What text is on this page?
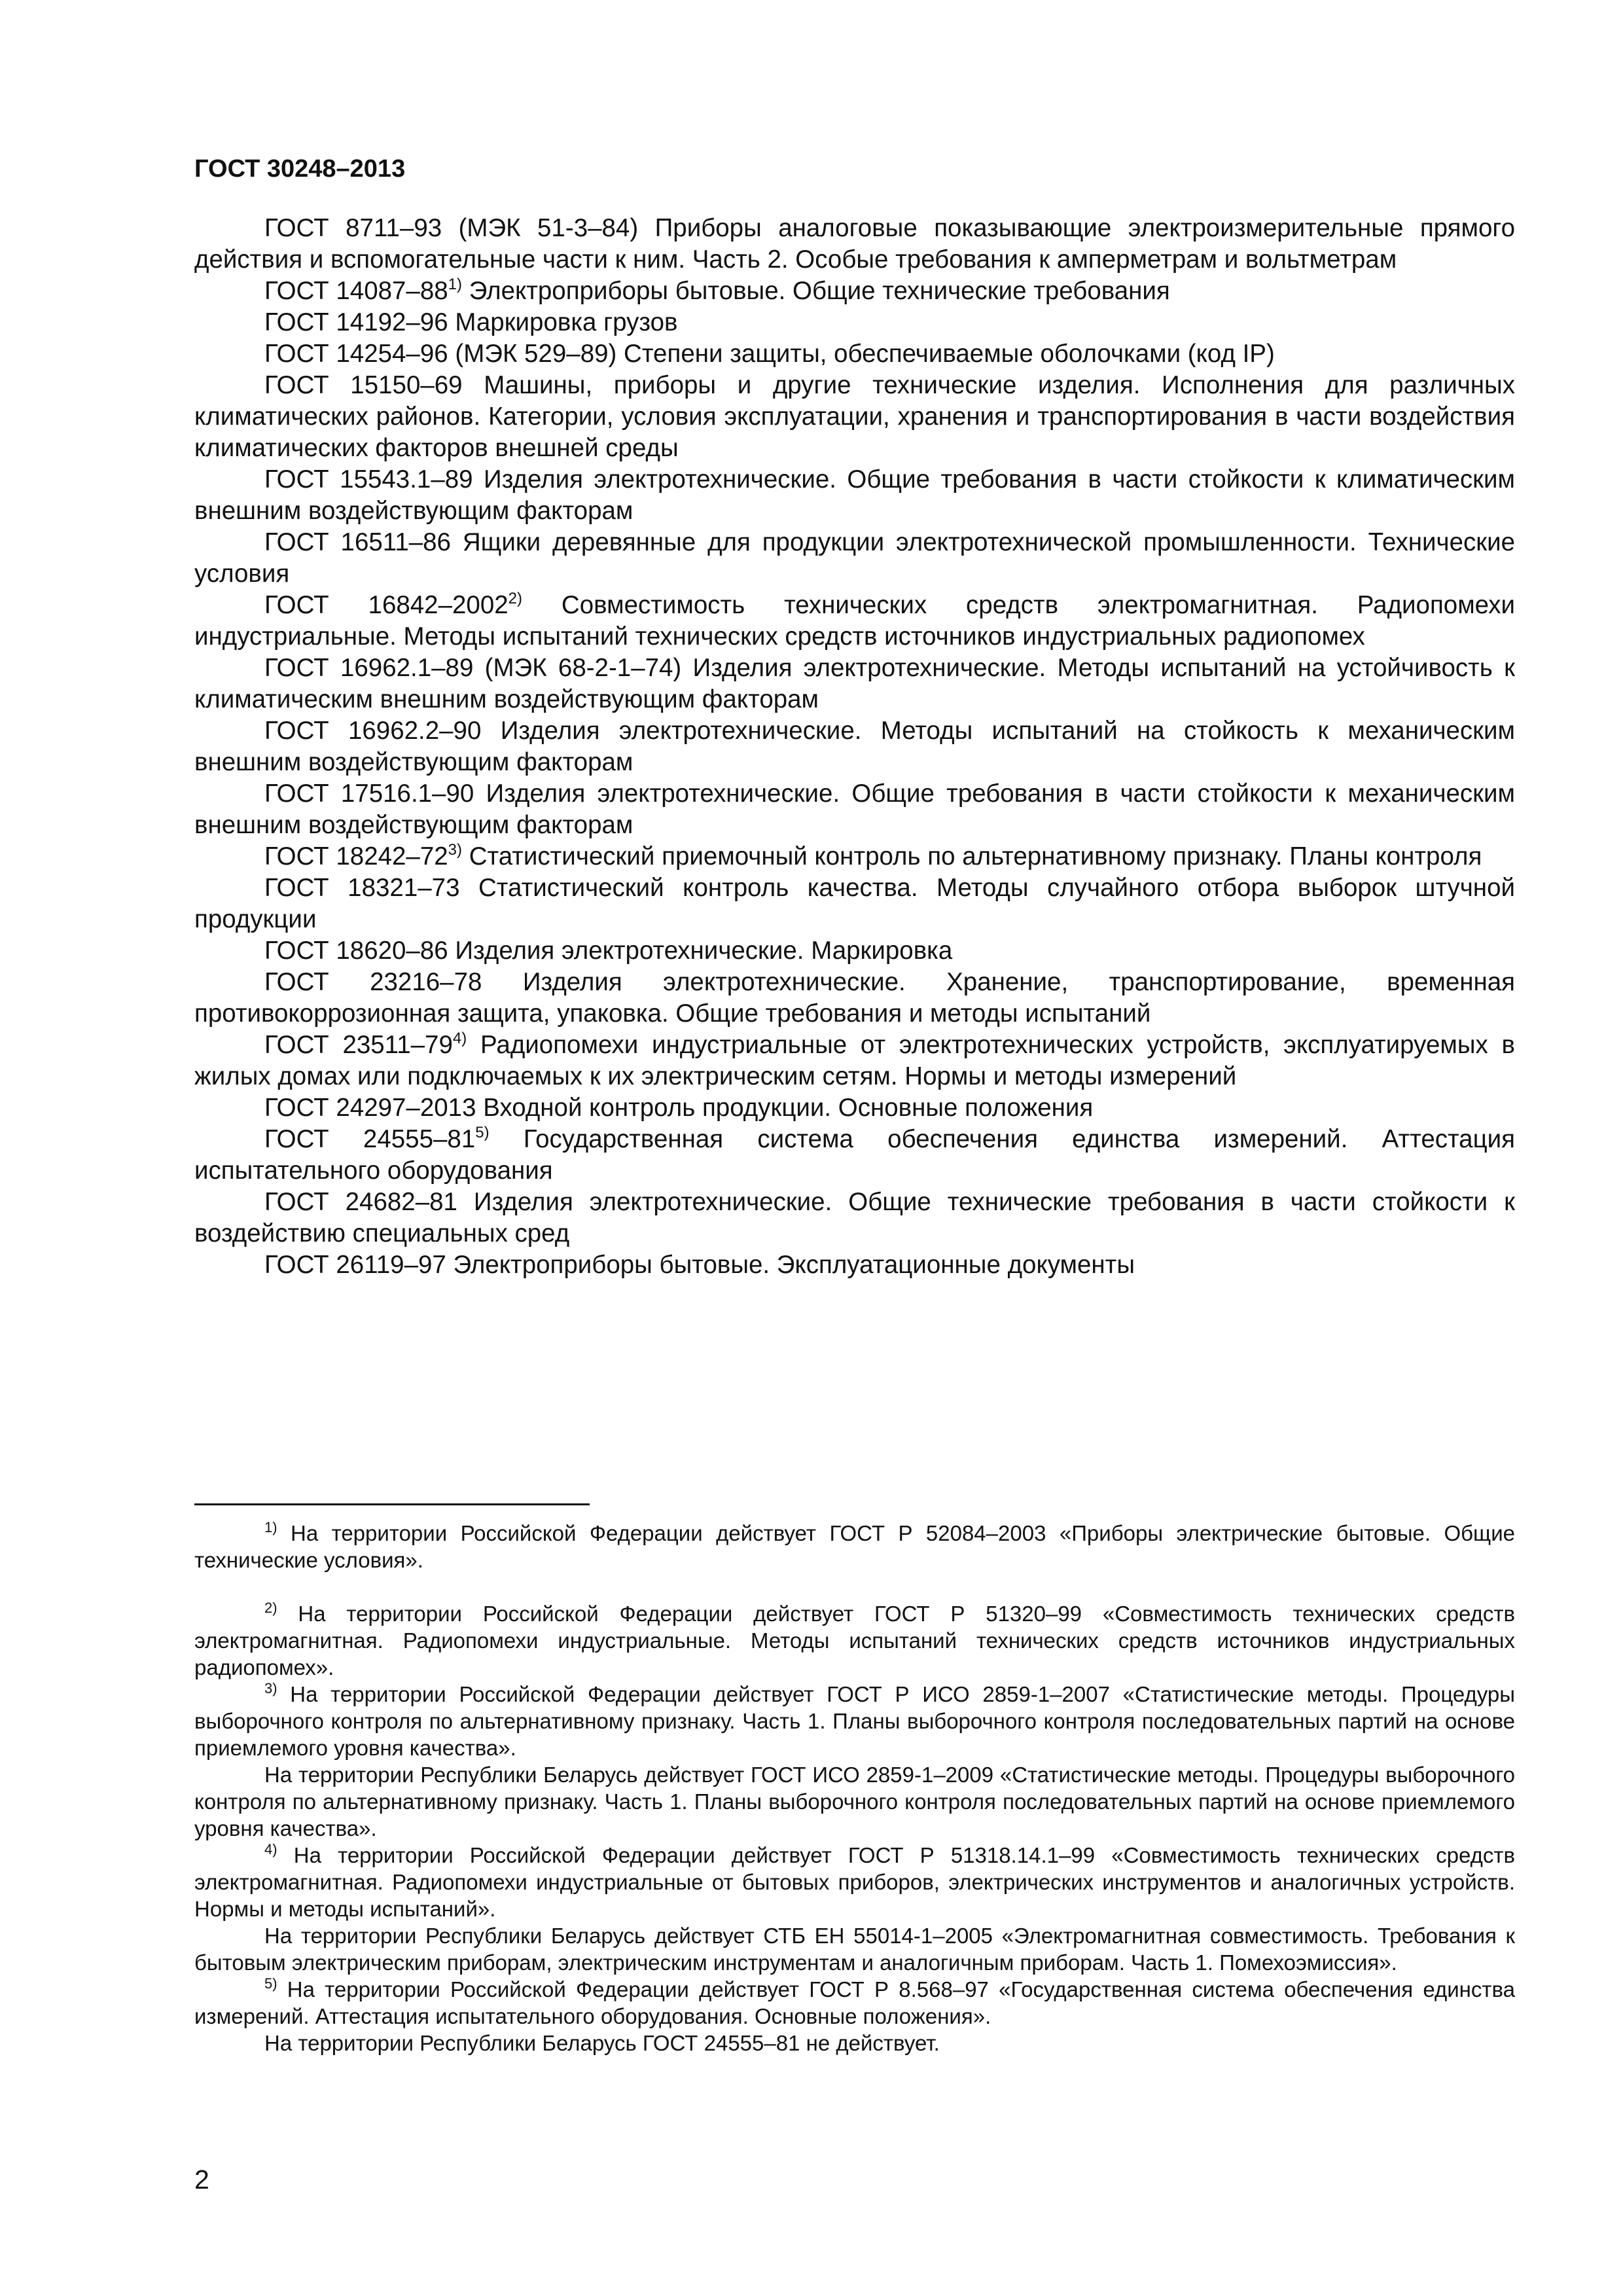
ГОСТ 30248–2013

ГОСТ 8711–93 (МЭК 51-3–84) Приборы аналоговые показывающие электроизмерительные прямого действия и вспомогательные части к ним. Часть 2. Особые требования к амперметрам и вольтметрам

ГОСТ 14087–88$^{1)}$ Электроприборы бытовые. Общие технические требования

ГОСТ 14192–96 Маркировка грузов

ГОСТ 14254–96 (МЭК 529–89) Степени защиты, обеспечиваемые оболочками (код IP)

ГОСТ 15150–69 Машины, приборы и другие технические изделия. Исполнения для различных климатических районов. Категории, условия эксплуатации, хранения и транспортирования в части воздействия климатических факторов внешней среды

ГОСТ 15543.1–89 Изделия электротехнические. Общие требования в части стойкости к климатическим внешним воздействующим факторам

ГОСТ 16511–86 Ящики деревянные для продукции электротехнической промышленности. Технические условия

ГОСТ 16842–2002$^{2)}$ Совместимость технических средств электромагнитная. Радиопомехи индустриальные. Методы испытаний технических средств источников индустриальных радиопомех

ГОСТ 16962.1–89 (МЭК 68-2-1–74) Изделия электротехнические. Методы испытаний на устойчивость к климатическим внешним воздействующим факторам

ГОСТ 16962.2–90 Изделия электротехнические. Методы испытаний на стойкость к механическим внешним воздействующим факторам

ГОСТ 17516.1–90 Изделия электротехнические. Общие требования в части стойкости к механическим внешним воздействующим факторам

ГОСТ 18242–72$^{3)}$ Статистический приемочный контроль по альтернативному признаку. Планы контроля

ГОСТ 18321–73 Статистический контроль качества. Методы случайного отбора выборок штучной продукции

ГОСТ 18620–86 Изделия электротехнические. Маркировка

ГОСТ 23216–78 Изделия электротехнические. Хранение, транспортирование, временная противокоррозионная защита, упаковка. Общие требования и методы испытаний

ГОСТ 23511–79$^{4)}$ Радиопомехи индустриальные от электротехнических устройств, эксплуатируемых в жилых домах или подключаемых к их электрическим сетям. Нормы и методы измерений

ГОСТ 24297–2013 Входной контроль продукции. Основные положения

ГОСТ 24555–81$^{5)}$ Государственная система обеспечения единства измерений. Аттестация испытательного оборудования

ГОСТ 24682–81 Изделия электротехнические. Общие технические требования в части стойкости к воздействию специальных сред

ГОСТ 26119–97 Электроприборы бытовые. Эксплуатационные документы

$^{1)}$ На территории Российской Федерации действует ГОСТ Р 52084–2003 «Приборы электрические бытовые. Общие технические условия».

$^{2)}$ На территории Российской Федерации действует ГОСТ Р 51320–99 «Совместимость технических средств электромагнитная. Радиопомехи индустриальные. Методы испытаний технических средств источников индустриальных радиопомех».

$^{3)}$ На территории Российской Федерации действует ГОСТ Р ИСО 2859-1–2007 «Статистические методы. Процедуры выборочного контроля по альтернативному признаку. Часть 1. Планы выборочного контроля последовательных партий на основе приемлемого уровня качества».

На территории Республики Беларусь действует ГОСТ ИСО 2859-1–2009 «Статистические методы. Процедуры выборочного контроля по альтернативному признаку. Часть 1. Планы выборочного контроля последовательных партий на основе приемлемого уровня качества».

$^{4)}$ На территории Российской Федерации действует ГОСТ Р 51318.14.1–99 «Совместимость технических средств электромагнитная. Радиопомехи индустриальные от бытовых приборов, электрических инструментов и аналогичных устройств. Нормы и методы испытаний».

На территории Республики Беларусь действует СТБ ЕН 55014-1–2005 «Электромагнитная совместимость. Требования к бытовым электрическим приборам, электрическим инструментам и аналогичным приборам. Часть 1. Помехоэмиссия».

$^{5)}$ На территории Российской Федерации действует ГОСТ Р 8.568–97 «Государственная система обеспечения единства измерений. Аттестация испытательного оборудования. Основные положения».

На территории Республики Беларусь ГОСТ 24555–81 не действует.

2
